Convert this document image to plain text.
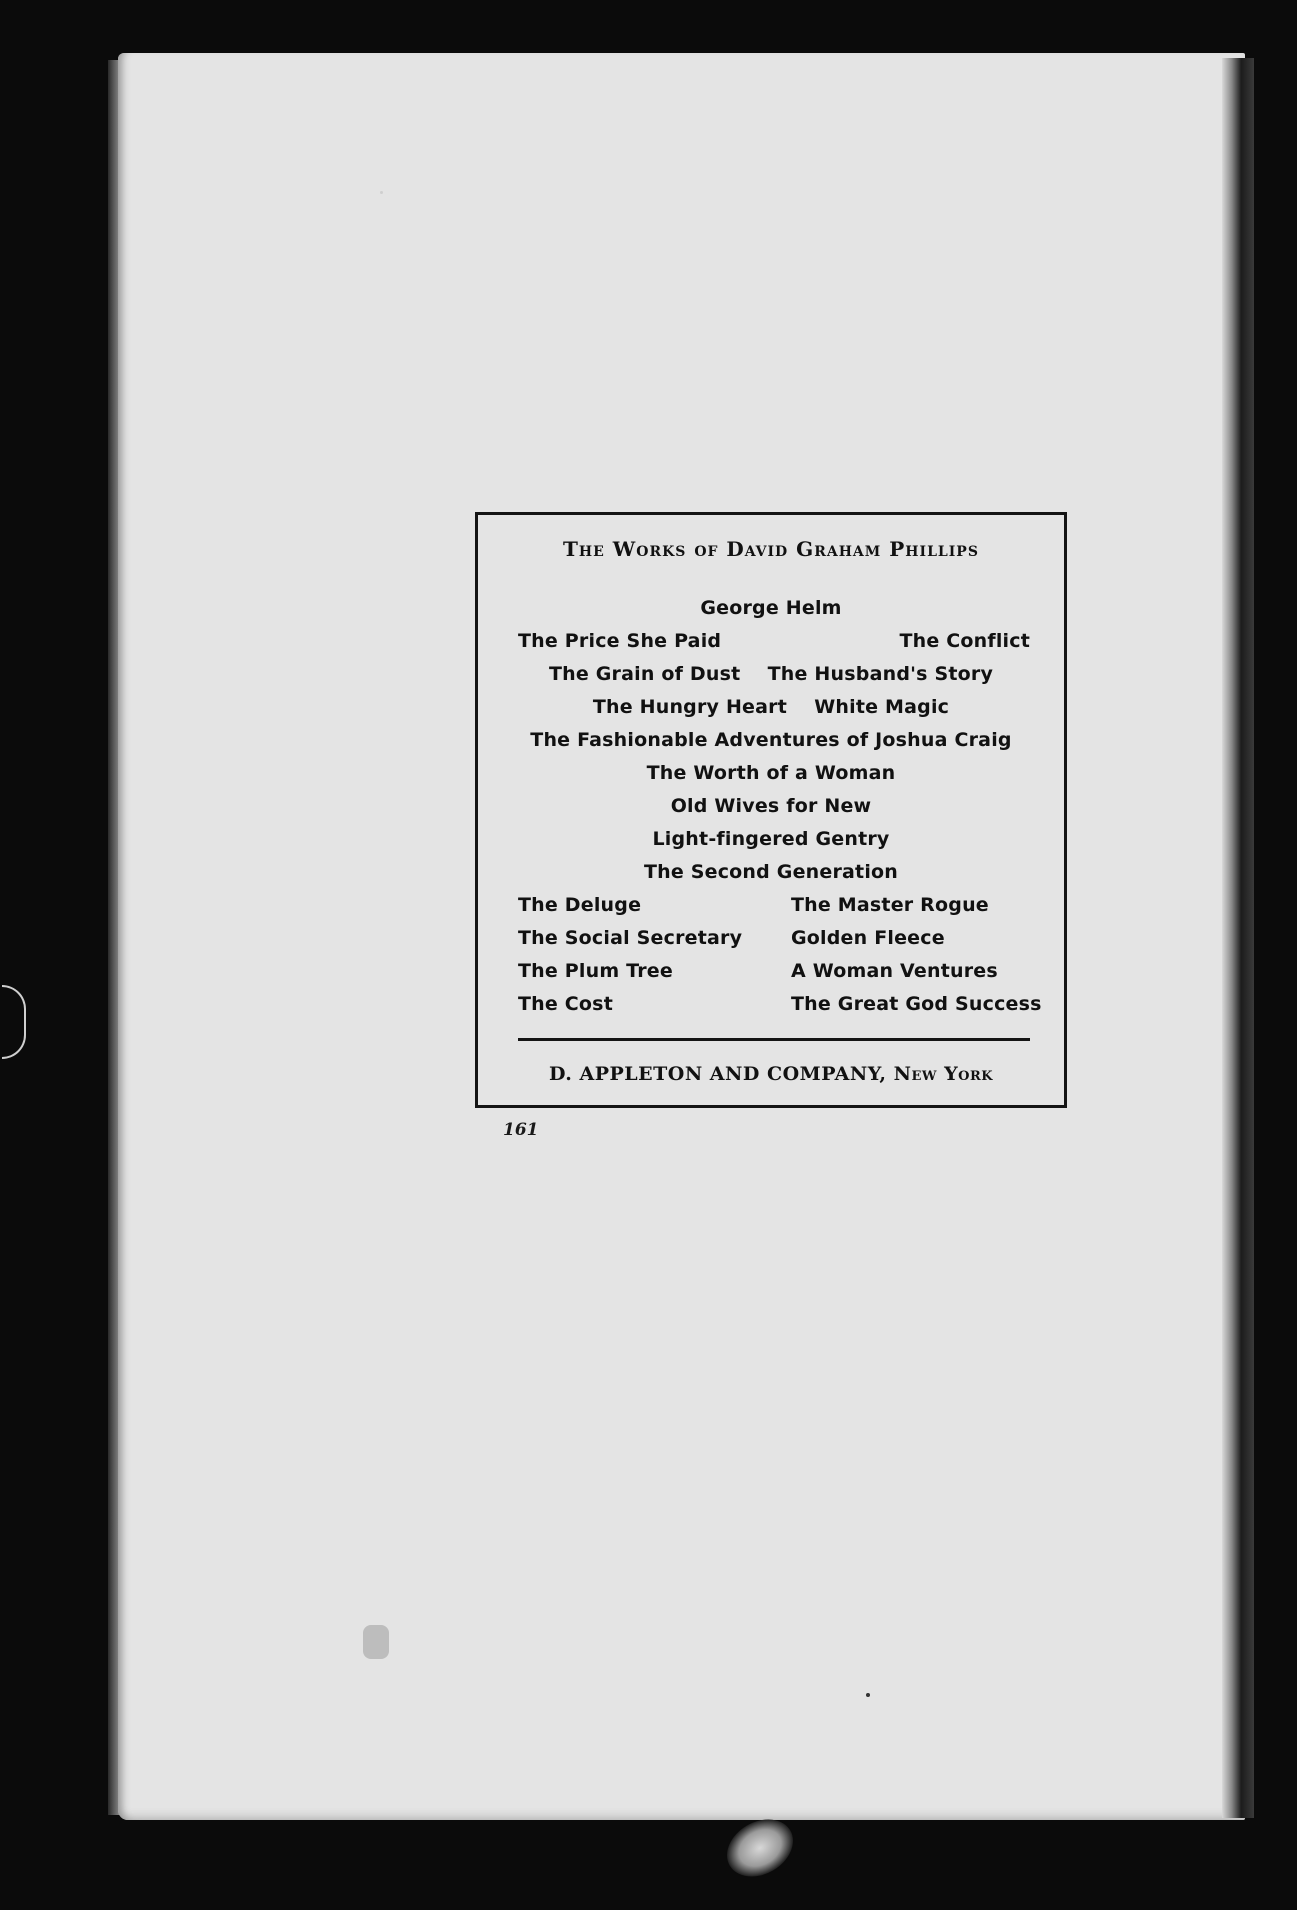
The Works of David Graham Phillips
George Helm
The Price She Paid	The Conflict
The Grain of Dust    The Husband's Story
The Hungry Heart    White Magic
The Fashionable Adventures of Joshua Craig
The Worth of a Woman
Old Wives for New
Light-fingered Gentry
The Second Generation
The Deluge	The Master Rogue
The Social Secretary	Golden Fleece
The Plum Tree	A Woman Ventures
The Cost	The Great God Success
D. APPLETON AND COMPANY, New York
161
